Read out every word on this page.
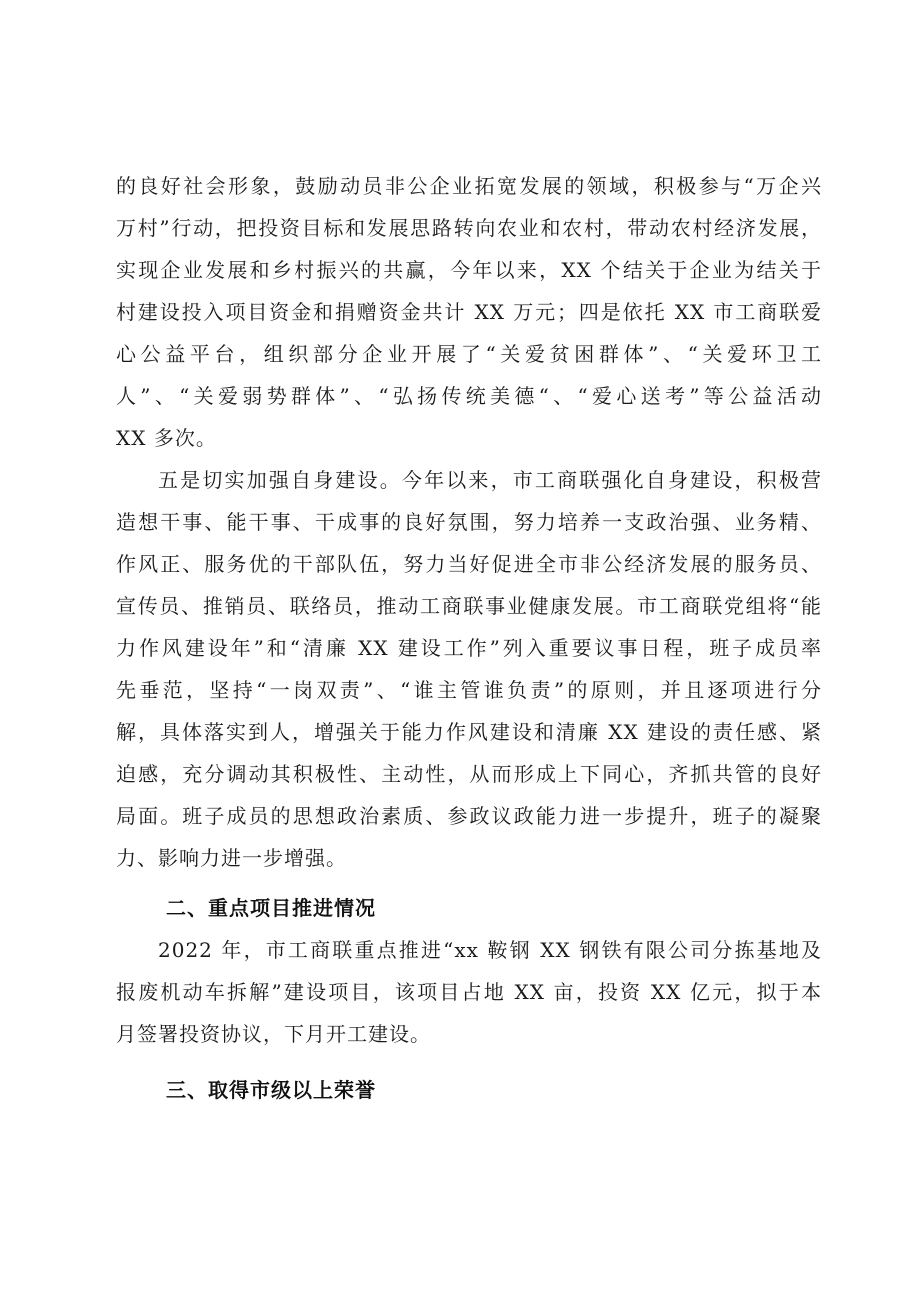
的良好社会形象，鼓励动员非公企业拓宽发展的领域，积极参与“万企兴
万村”行动，把投资目标和发展思路转向农业和农村，带动农村经济发展，
实现企业发展和乡村振兴的共赢，今年以来，XX 个结关于企业为结关于
村建设投入项目资金和捐赠资金共计 XX 万元；四是依托 XX 市工商联爱
心公益平台，组织部分企业开展了“关爱贫困群体”、“关爱环卫工
人”、“关爱弱势群体”、“弘扬传统美德“、“爱心送考”等公益活动
XX 多次。
五是切实加强自身建设。今年以来，市工商联强化自身建设，积极营
造想干事、能干事、干成事的良好氛围，努力培养一支政治强、业务精、
作风正、服务优的干部队伍，努力当好促进全市非公经济发展的服务员、
宣传员、推销员、联络员，推动工商联事业健康发展。市工商联党组将“能
力作风建设年”和“清廉 XX 建设工作”列入重要议事日程，班子成员率
先垂范，坚持“一岗双责”、“谁主管谁负责”的原则，并且逐项进行分
解，具体落实到人，增强关于能力作风建设和清廉 XX 建设的责任感、紧
迫感，充分调动其积极性、主动性，从而形成上下同心，齐抓共管的良好
局面。班子成员的思想政治素质、参政议政能力进一步提升，班子的凝聚
力、影响力进一步增强。
二、重点项目推进情况
2022 年，市工商联重点推进“xx 鞍钢 XX 钢铁有限公司分拣基地及
报废机动车拆解”建设项目，该项目占地 XX 亩，投资 XX 亿元，拟于本
月签署投资协议，下月开工建设。
三、取得市级以上荣誉
